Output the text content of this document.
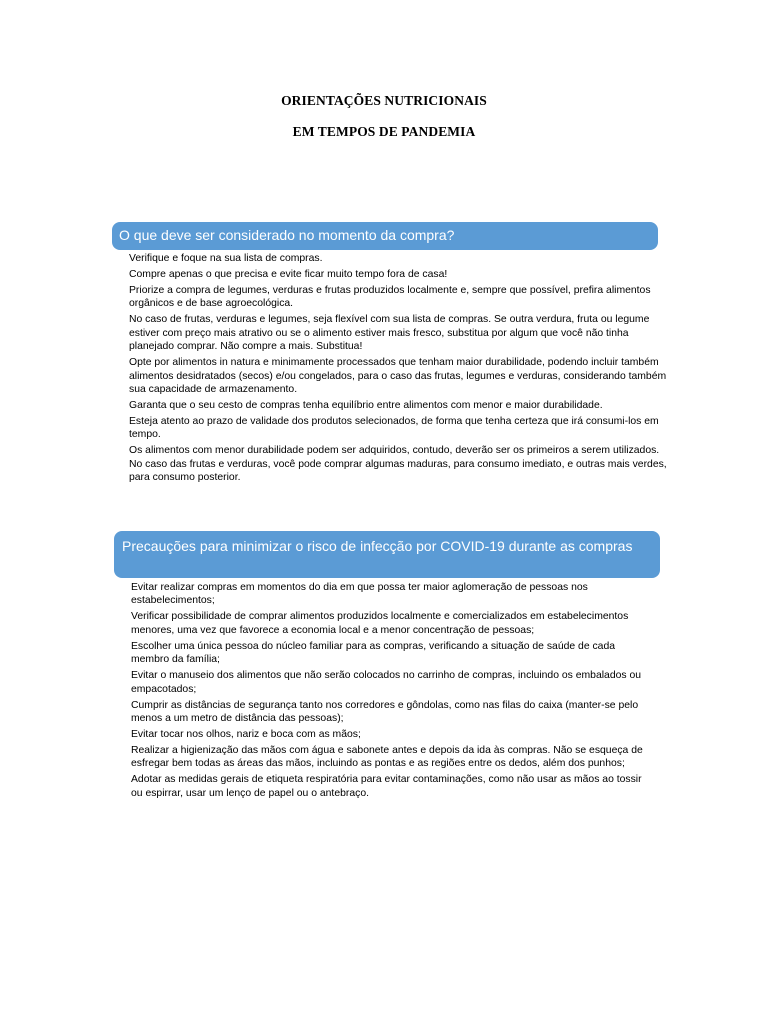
ORIENTAÇÕES NUTRICIONAIS
EM TEMPOS DE PANDEMIA
O que deve ser considerado no momento da compra?
Verifique e foque na sua lista de compras.
Compre apenas o que precisa e evite ficar muito tempo fora de casa!
Priorize a compra de legumes, verduras e frutas produzidos localmente e, sempre que possível, prefira alimentos orgânicos e de base agroecológica.
No caso de frutas, verduras e legumes, seja flexível com sua lista de compras. Se outra verdura, fruta ou legume estiver com preço mais atrativo ou se o alimento estiver mais fresco, substitua por algum que você não tinha planejado comprar. Não compre a mais. Substitua!
Opte por alimentos in natura e minimamente processados que tenham maior durabilidade, podendo incluir também alimentos desidratados (secos) e/ou congelados, para o caso das frutas, legumes e verduras, considerando também sua capacidade de armazenamento.
Garanta que o seu cesto de compras tenha equilíbrio entre alimentos com menor e maior durabilidade.
Esteja atento ao prazo de validade dos produtos selecionados, de forma que tenha certeza que irá consumi-los em tempo.
Os alimentos com menor durabilidade podem ser adquiridos, contudo, deverão ser os primeiros a serem utilizados. No caso das frutas e verduras, você pode comprar algumas maduras, para consumo imediato, e outras mais verdes, para consumo posterior.
Precauções para minimizar o risco de infecção por COVID-19 durante as compras
Evitar realizar compras em momentos do dia em que possa ter maior aglomeração de pessoas nos estabelecimentos;
Verificar possibilidade de comprar alimentos produzidos localmente e comercializados em estabelecimentos menores, uma vez que favorece a economia local e a menor concentração de pessoas;
Escolher uma única pessoa do núcleo familiar para as compras, verificando a situação de saúde de cada membro da família;
Evitar o manuseio dos alimentos que não serão colocados no carrinho de compras, incluindo os embalados ou empacotados;
Cumprir as distâncias de segurança tanto nos corredores e gôndolas, como nas filas do caixa (manter-se pelo menos a um metro de distância das pessoas);
Evitar tocar nos olhos, nariz e boca com as mãos;
Realizar a higienização das mãos com água e sabonete antes e depois da ida às compras. Não se esqueça de esfregar bem todas as áreas das mãos, incluindo as pontas e as regiões entre os dedos, além dos punhos;
Adotar as medidas gerais de etiqueta respiratória para evitar contaminações, como não usar as mãos ao tossir ou espirrar, usar um lenço de papel ou o antebraço.
